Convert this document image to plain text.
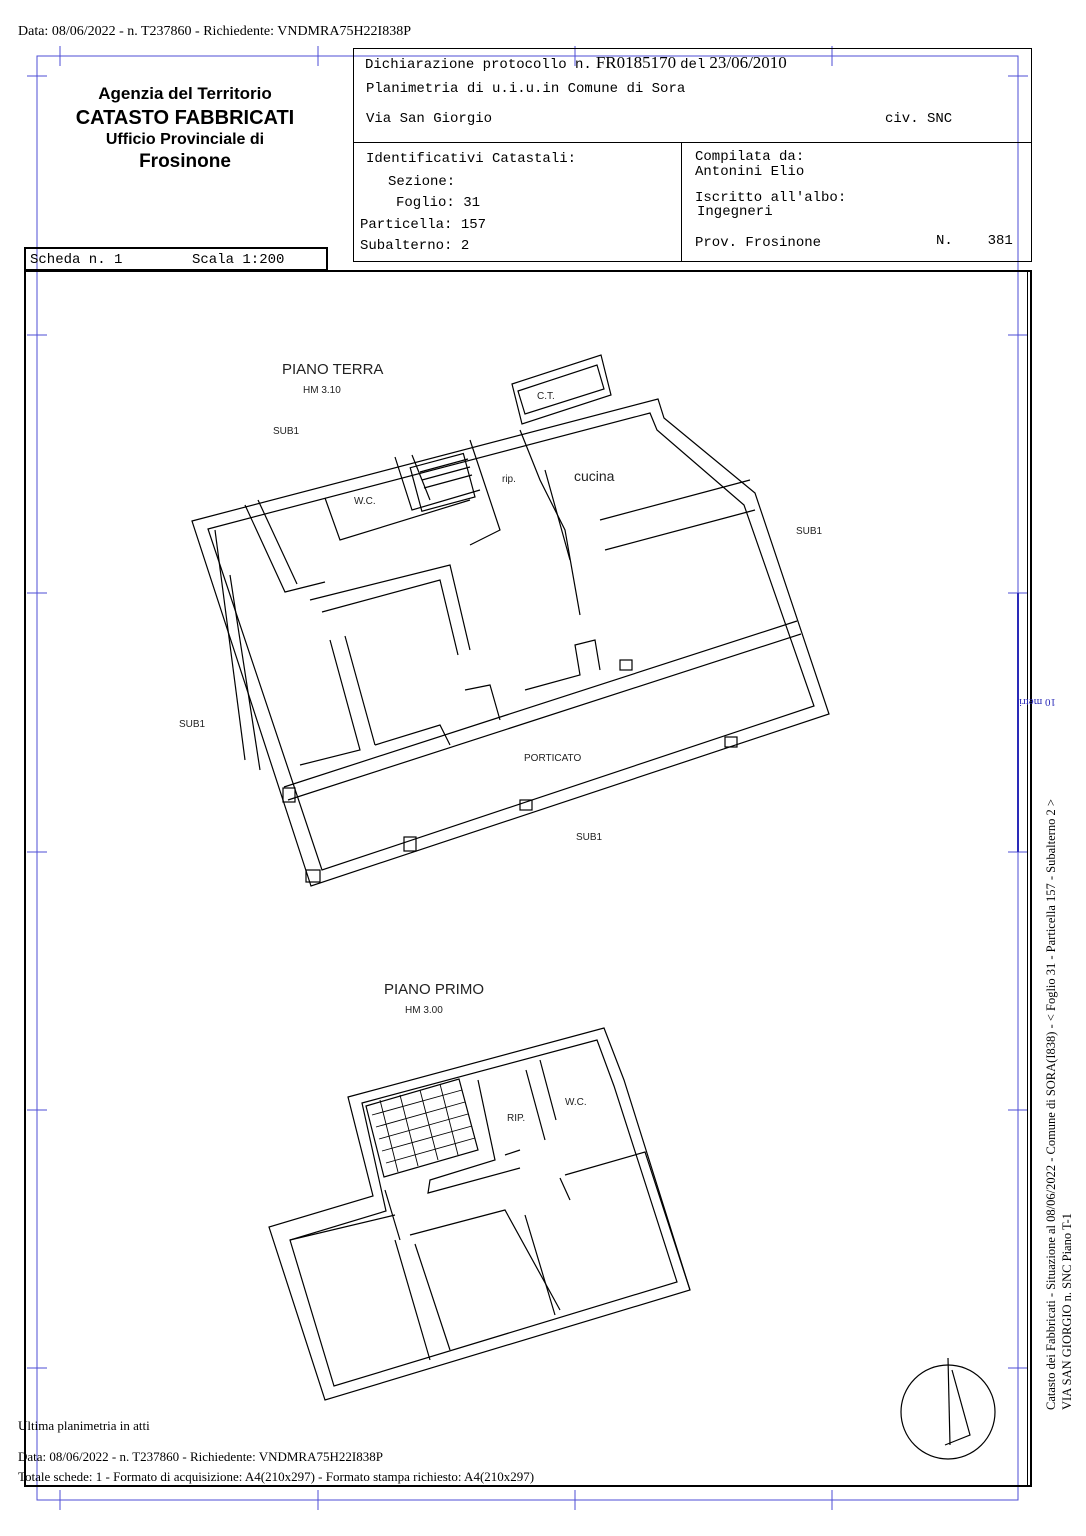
Data: 08/06/2022 - n. T237860 - Richiedente: VNDMRA75H22I838P
Agenzia del Territorio
CATASTO FABBRICATI
Ufficio Provinciale di
Frosinone
Scheda n. 1	Scala 1:200
Dichiarazione protocollo n. FR0185170 del 23/06/2010
Planimetria di u.i.u.in Comune di Sora
Via San Giorgio	civ. SNC
Identificativi Catastali:
Sezione:
Foglio: 31
Particella: 157
Subalterno: 2
Compilata da:
Antonini Elio
Iscritto all'albo:
Ingegneri
Prov. Frosinone	N. 381
PIANO TERRA
HM 3.10
SUB1
C.T.
rip.	cucina
W.C.
SUB1
SUB1
PORTICATO
SUB1
PIANO PRIMO
HM 3.00
RIP.
W.C.	Catasto dei Fabbricati - Situazione al 08/06/2022 - Comune di SORA(I838) - < Foglio 31 - Particella 157 - Subalterno 2 > VIA SAN GIORGIO n. SNC Piano T-1
10 metri
Ultima planimetria in atti
Data: 08/06/2022 - n. T237860 - Richiedente: VNDMRA75H22I838P
Totale schede: 1 - Formato di acquisizione: A4(210x297) - Formato stampa richiesto: A4(210x297)
